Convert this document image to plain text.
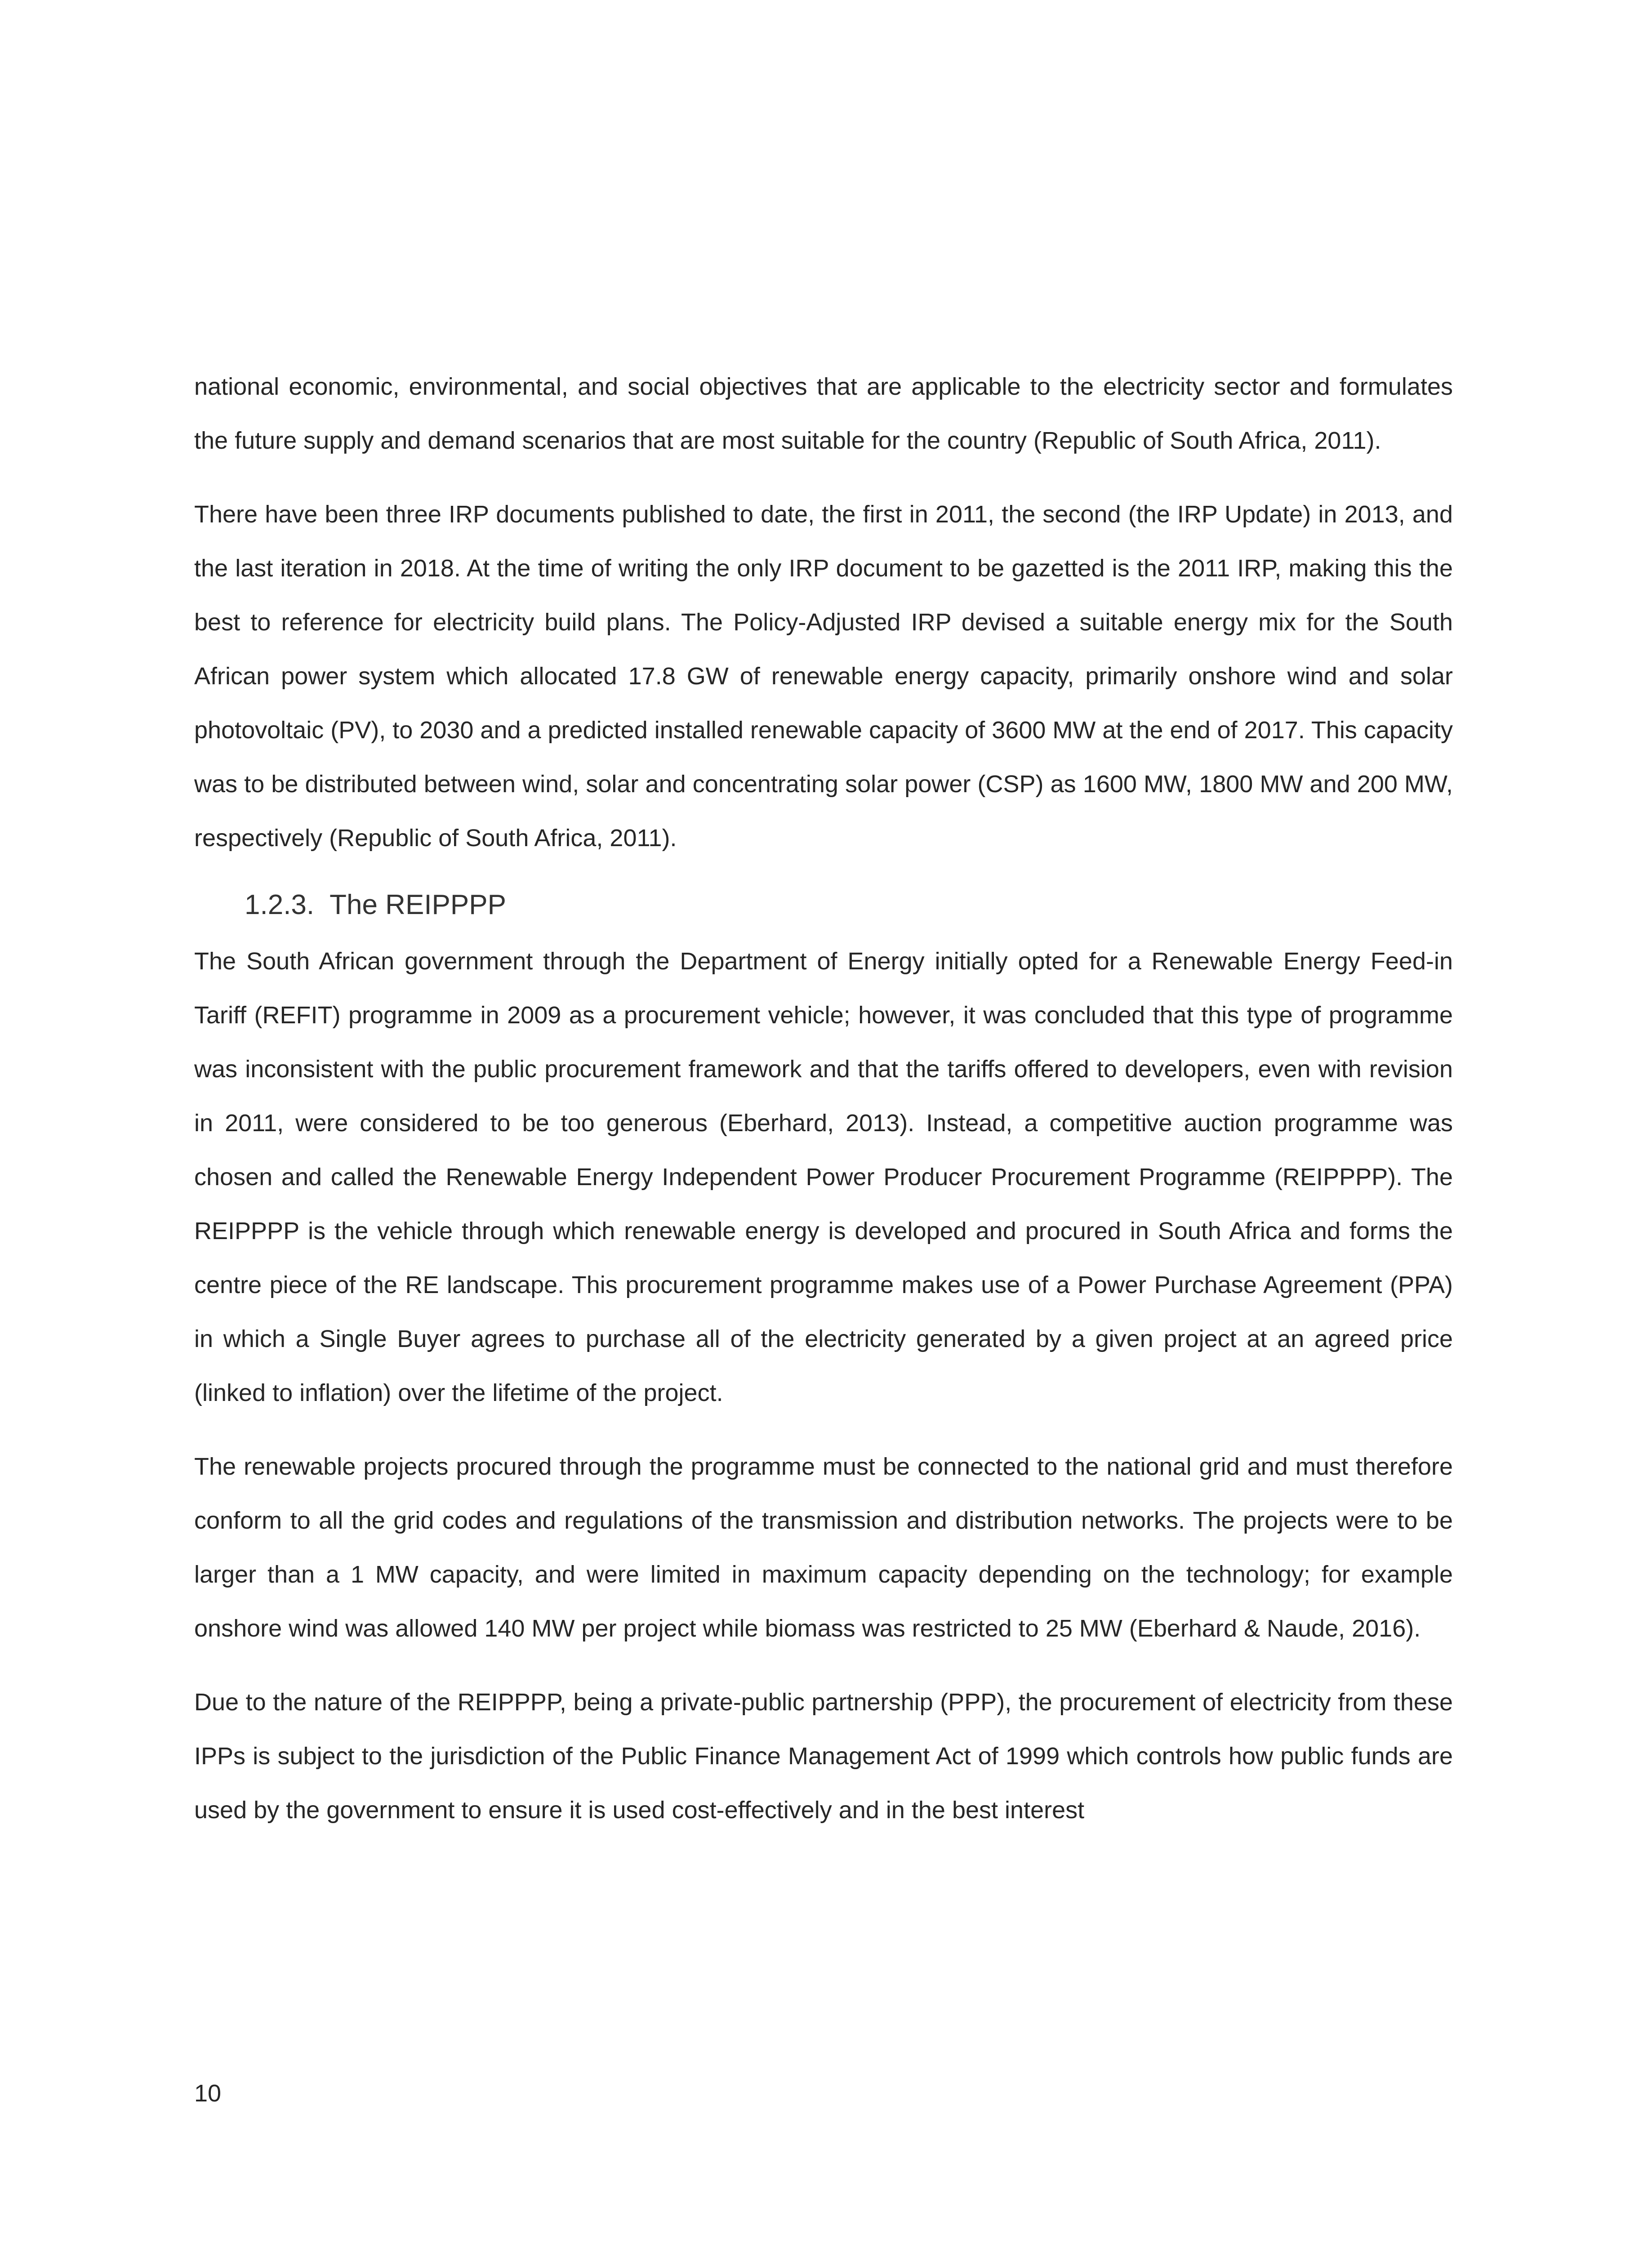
national economic, environmental, and social objectives that are applicable to the electricity sector and formulates the future supply and demand scenarios that are most suitable for the country (Republic of South Africa, 2011).

There have been three IRP documents published to date, the first in 2011, the second (the IRP Update) in 2013, and the last iteration in 2018. At the time of writing the only IRP document to be gazetted is the 2011 IRP, making this the best to reference for electricity build plans. The Policy-Adjusted IRP devised a suitable energy mix for the South African power system which allocated 17.8 GW of renewable energy capacity, primarily onshore wind and solar photovoltaic (PV), to 2030 and a predicted installed renewable capacity of 3600 MW at the end of 2017. This capacity was to be distributed between wind, solar and concentrating solar power (CSP) as 1600 MW, 1800 MW and 200 MW, respectively (Republic of South Africa, 2011).

1.2.3. The REIPPPP

The South African government through the Department of Energy initially opted for a Renewable Energy Feed-in Tariff (REFIT) programme in 2009 as a procurement vehicle; however, it was concluded that this type of programme was inconsistent with the public procurement framework and that the tariffs offered to developers, even with revision in 2011, were considered to be too generous (Eberhard, 2013). Instead, a competitive auction programme was chosen and called the Renewable Energy Independent Power Producer Procurement Programme (REIPPPP). The REIPPPP is the vehicle through which renewable energy is developed and procured in South Africa and forms the centre piece of the RE landscape. This procurement programme makes use of a Power Purchase Agreement (PPA) in which a Single Buyer agrees to purchase all of the electricity generated by a given project at an agreed price (linked to inflation) over the lifetime of the project.

The renewable projects procured through the programme must be connected to the national grid and must therefore conform to all the grid codes and regulations of the transmission and distribution networks. The projects were to be larger than a 1 MW capacity, and were limited in maximum capacity depending on the technology; for example onshore wind was allowed 140 MW per project while biomass was restricted to 25 MW (Eberhard & Naude, 2016).

Due to the nature of the REIPPPP, being a private-public partnership (PPP), the procurement of electricity from these IPPs is subject to the jurisdiction of the Public Finance Management Act of 1999 which controls how public funds are used by the government to ensure it is used cost-effectively and in the best interest

10
